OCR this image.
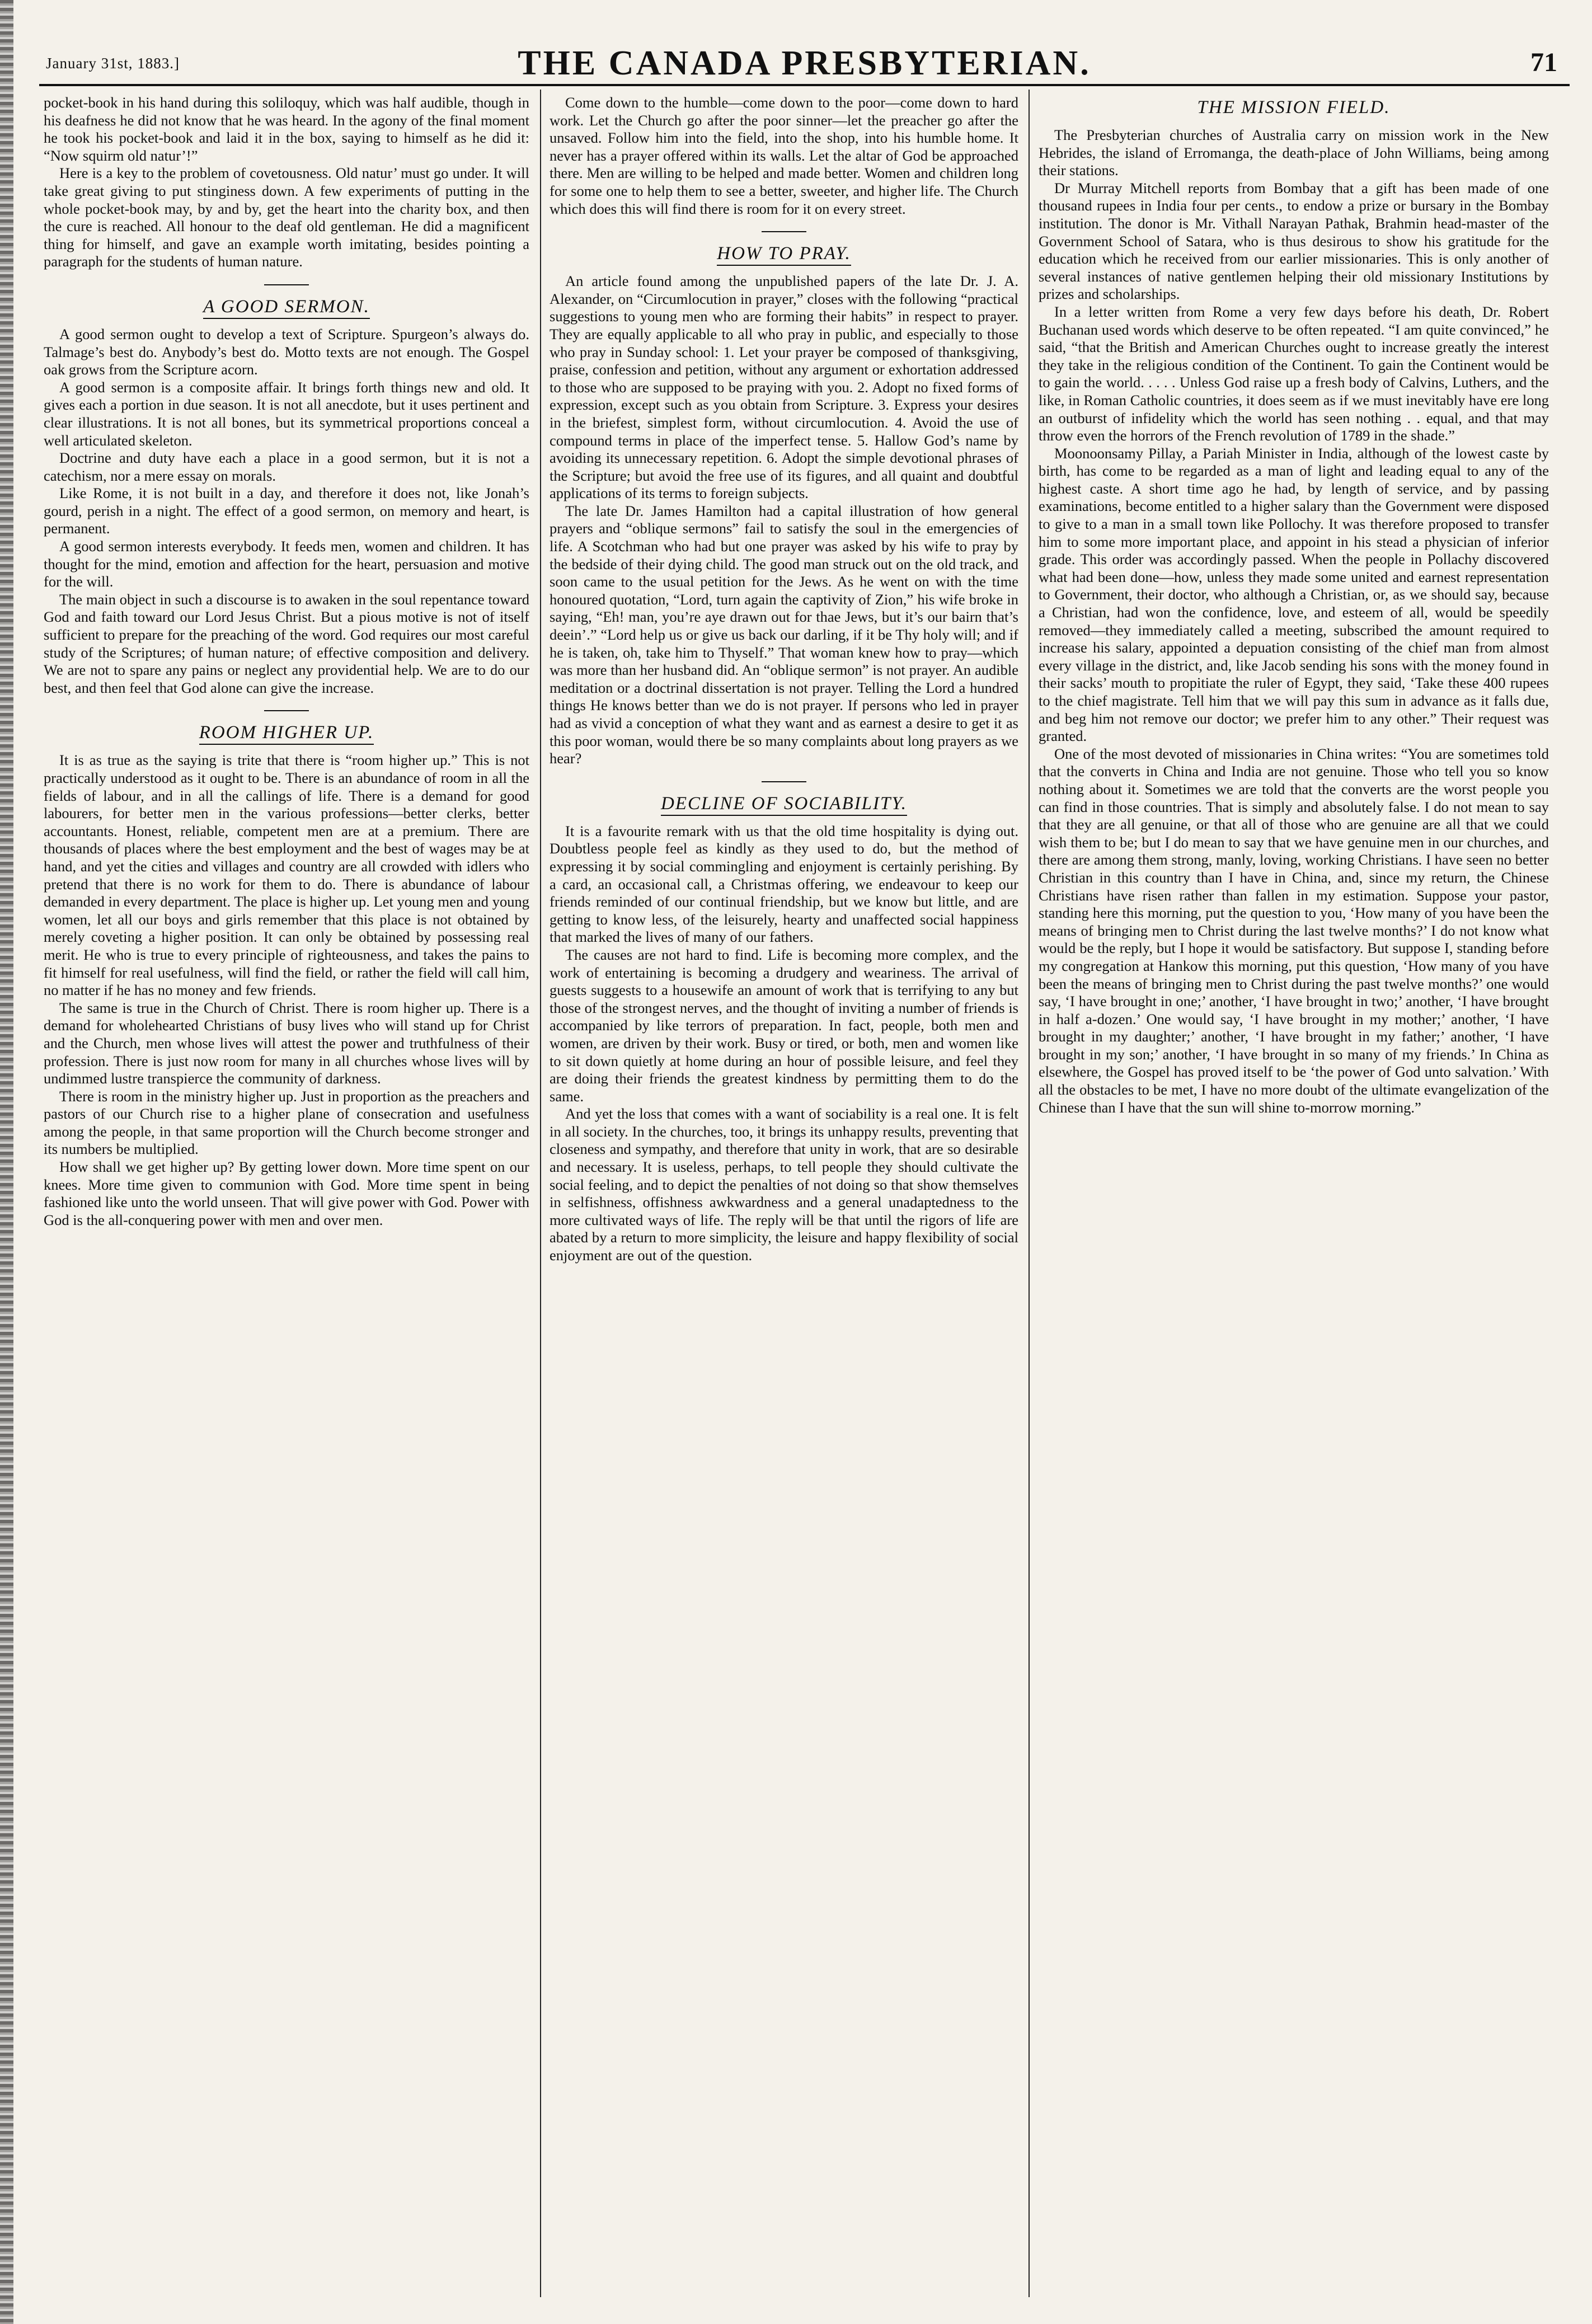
January 31st, 1883.]	THE CANADA PRESBYTERIAN.	71

pocket-book in his hand during this soliloquy, which was half audible, though in his deafness he did not know that he was heard. In the agony of the final moment he took his pocket-book and laid it in the box, saying to himself as he did it: “Now squirm old natur’!”

Here is a key to the problem of covetousness. Old natur’ must go under. It will take great giving to put stinginess down. A few experiments of putting in the whole pocket-book may, by and by, get the heart into the charity box, and then the cure is reached. All honour to the deaf old gentleman. He did a magnificent thing for himself, and gave an example worth imitating, besides pointing a paragraph for the students of human nature.

A GOOD SERMON.

A good sermon ought to develop a text of Scripture. Spurgeon’s always do. Talmage’s best do. Anybody’s best do. Motto texts are not enough. The Gospel oak grows from the Scripture acorn.

A good sermon is a composite affair. It brings forth things new and old. It gives each a portion in due season. It is not all anecdote, but it uses pertinent and clear illustrations. It is not all bones, but its symmetrical proportions conceal a well articulated skeleton.

Doctrine and duty have each a place in a good sermon, but it is not a catechism, nor a mere essay on morals.

Like Rome, it is not built in a day, and therefore it does not, like Jonah’s gourd, perish in a night. The effect of a good sermon, on memory and heart, is permanent.

A good sermon interests everybody. It feeds men, women and children. It has thought for the mind, emotion and affection for the heart, persuasion and motive for the will.

The main object in such a discourse is to awaken in the soul repentance toward God and faith toward our Lord Jesus Christ. But a pious motive is not of itself sufficient to prepare for the preaching of the word. God requires our most careful study of the Scriptures; of human nature; of effective composition and delivery. We are not to spare any pains or neglect any providential help. We are to do our best, and then feel that God alone can give the increase.

ROOM HIGHER UP.

It is as true as the saying is trite that there is “room higher up.” This is not practically understood as it ought to be. There is an abundance of room in all the fields of labour, and in all the callings of life. There is a demand for good labourers, for better men in the various professions—better clerks, better accountants. Honest, reliable, competent men are at a premium. There are thousands of places where the best employment and the best of wages may be at hand, and yet the cities and villages and country are all crowded with idlers who pretend that there is no work for them to do. There is abundance of labour demanded in every department. The place is higher up. Let young men and young women, let all our boys and girls remember that this place is not obtained by merely coveting a higher position. It can only be obtained by possessing real merit. He who is true to every principle of righteousness, and takes the pains to fit himself for real usefulness, will find the field, or rather the field will call him, no matter if he has no money and few friends.

The same is true in the Church of Christ. There is room higher up. There is a demand for wholehearted Christians of busy lives who will stand up for Christ and the Church, men whose lives will attest the power and truthfulness of their profession. There is just now room for many in all churches whose lives will by undimmed lustre transpierce the community of darkness.

There is room in the ministry higher up. Just in proportion as the preachers and pastors of our Church rise to a higher plane of consecration and usefulness among the people, in that same proportion will the Church become stronger and its numbers be multiplied.

How shall we get higher up? By getting lower down. More time spent on our knees. More time given to communion with God. More time spent in being fashioned like unto the world unseen. That will give power with God. Power with God is the all-conquering power with men and over men.

Come down to the humble—come down to the poor—come down to hard work. Let the Church go after the poor sinner—let the preacher go after the unsaved. Follow him into the field, into the shop, into his humble home. It never has a prayer offered within its walls. Let the altar of God be approached there. Men are willing to be helped and made better. Women and children long for some one to help them to see a better, sweeter, and higher life. The Church which does this will find there is room for it on every street.

HOW TO PRAY.

An article found among the unpublished papers of the late Dr. J. A. Alexander, on “Circumlocution in prayer,” closes with the following “practical suggestions to young men who are forming their habits” in respect to prayer. They are equally applicable to all who pray in public, and especially to those who pray in Sunday school: 1. Let your prayer be composed of thanksgiving, praise, confession and petition, without any argument or exhortation addressed to those who are supposed to be praying with you. 2. Adopt no fixed forms of expression, except such as you obtain from Scripture. 3. Express your desires in the briefest, simplest form, without circumlocution. 4. Avoid the use of compound terms in place of the imperfect tense. 5. Hallow God’s name by avoiding its unnecessary repetition. 6. Adopt the simple devotional phrases of the Scripture; but avoid the free use of its figures, and all quaint and doubtful applications of its terms to foreign subjects.

The late Dr. James Hamilton had a capital illustration of how general prayers and “oblique sermons” fail to satisfy the soul in the emergencies of life. A Scotchman who had but one prayer was asked by his wife to pray by the bedside of their dying child. The good man struck out on the old track, and soon came to the usual petition for the Jews. As he went on with the time honoured quotation, “Lord, turn again the captivity of Zion,” his wife broke in saying, “Eh! man, you’re aye drawn out for thae Jews, but it’s our bairn that’s deein’.” “Lord help us or give us back our darling, if it be Thy holy will; and if he is taken, oh, take him to Thyself.” That woman knew how to pray—which was more than her husband did. An “oblique sermon” is not prayer. An audible meditation or a doctrinal dissertation is not prayer. Telling the Lord a hundred things He knows better than we do is not prayer. If persons who led in prayer had as vivid a conception of what they want and as earnest a desire to get it as this poor woman, would there be so many complaints about long prayers as we hear?

DECLINE OF SOCIABILITY.

It is a favourite remark with us that the old time hospitality is dying out. Doubtless people feel as kindly as they used to do, but the method of expressing it by social commingling and enjoyment is certainly perishing. By a card, an occasional call, a Christmas offering, we endeavour to keep our friends reminded of our continual friendship, but we know but little, and are getting to know less, of the leisurely, hearty and unaffected social happiness that marked the lives of many of our fathers.

The causes are not hard to find. Life is becoming more complex, and the work of entertaining is becoming a drudgery and weariness. The arrival of guests suggests to a housewife an amount of work that is terrifying to any but those of the strongest nerves, and the thought of inviting a number of friends is accompanied by like terrors of preparation. In fact, people, both men and women, are driven by their work. Busy or tired, or both, men and women like to sit down quietly at home during an hour of possible leisure, and feel they are doing their friends the greatest kindness by permitting them to do the same.

And yet the loss that comes with a want of sociability is a real one. It is felt in all society. In the churches, too, it brings its unhappy results, preventing that closeness and sympathy, and therefore that unity in work, that are so desirable and necessary. It is useless, perhaps, to tell people they should cultivate the social feeling, and to depict the penalties of not doing so that show themselves in selfishness, offishness awkwardness and a general unadaptedness to the more cultivated ways of life. The reply will be that until the rigors of life are abated by a return to more simplicity, the leisure and happy flexibility of social enjoyment are out of the question.

THE MISSION FIELD.

The Presbyterian churches of Australia carry on mission work in the New Hebrides, the island of Erromanga, the death-place of John Williams, being among their stations.

Dr Murray Mitchell reports from Bombay that a gift has been made of one thousand rupees in India four per cents., to endow a prize or bursary in the Bombay institution. The donor is Mr. Vithall Narayan Pathak, Brahmin head-master of the Government School of Satara, who is thus desirous to show his gratitude for the education which he received from our earlier missionaries. This is only another of several instances of native gentlemen helping their old missionary Institutions by prizes and scholarships.

In a letter written from Rome a very few days before his death, Dr. Robert Buchanan used words which deserve to be often repeated. “I am quite convinced,” he said, “that the British and American Churches ought to increase greatly the interest they take in the religious condition of the Continent. To gain the Continent would be to gain the world. . . . . Unless God raise up a fresh body of Calvins, Luthers, and the like, in Roman Catholic countries, it does seem as if we must inevitably have ere long an outburst of infidelity which the world has seen nothing . . equal, and that may throw even the horrors of the French revolution of 1789 in the shade.”

Moonoonsamy Pillay, a Pariah Minister in India, although of the lowest caste by birth, has come to be regarded as a man of light and leading equal to any of the highest caste. A short time ago he had, by length of service, and by passing examinations, become entitled to a higher salary than the Government were disposed to give to a man in a small town like Pollochy. It was therefore proposed to transfer him to some more important place, and appoint in his stead a physician of inferior grade. This order was accordingly passed. When the people in Pollachy discovered what had been done—how, unless they made some united and earnest representation to Government, their doctor, who although a Christian, or, as we should say, because a Christian, had won the confidence, love, and esteem of all, would be speedily removed—they immediately called a meeting, subscribed the amount required to increase his salary, appointed a depuation consisting of the chief man from almost every village in the district, and, like Jacob sending his sons with the money found in their sacks’ mouth to propitiate the ruler of Egypt, they said, ‘Take these 400 rupees to the chief magistrate. Tell him that we will pay this sum in advance as it falls due, and beg him not remove our doctor; we prefer him to any other.” Their request was granted.

One of the most devoted of missionaries in China writes: “You are sometimes told that the converts in China and India are not genuine. Those who tell you so know nothing about it. Sometimes we are told that the converts are the worst people you can find in those countries. That is simply and absolutely false. I do not mean to say that they are all genuine, or that all of those who are genuine are all that we could wish them to be; but I do mean to say that we have genuine men in our churches, and there are among them strong, manly, loving, working Christians. I have seen no better Christian in this country than I have in China, and, since my return, the Chinese Christians have risen rather than fallen in my estimation. Suppose your pastor, standing here this morning, put the question to you, ‘How many of you have been the means of bringing men to Christ during the last twelve months?’ I do not know what would be the reply, but I hope it would be satisfactory. But suppose I, standing before my congregation at Hankow this morning, put this question, ‘How many of you have been the means of bringing men to Christ during the past twelve months?’ one would say, ‘I have brought in one;’ another, ‘I have brought in two;’ another, ‘I have brought in half a-dozen.’ One would say, ‘I have brought in my mother;’ another, ‘I have brought in my daughter;’ another, ‘I have brought in my father;’ another, ‘I have brought in my son;’ another, ‘I have brought in so many of my friends.’ In China as elsewhere, the Gospel has proved itself to be ‘the power of God unto salvation.’ With all the obstacles to be met, I have no more doubt of the ultimate evangelization of the Chinese than I have that the sun will shine to-morrow morning.”
